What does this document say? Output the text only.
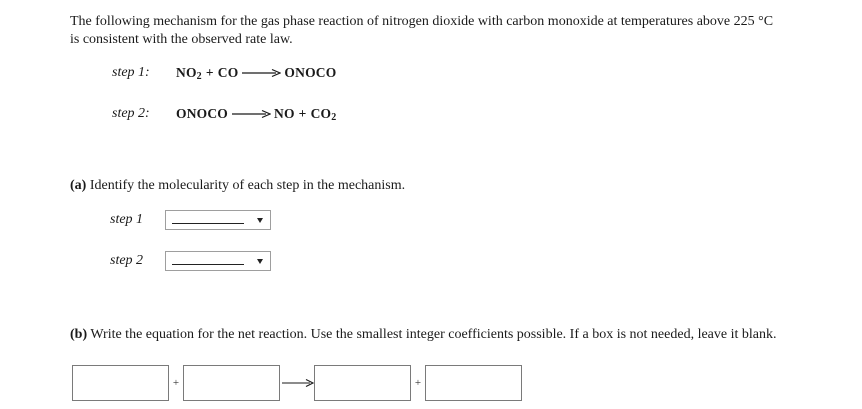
The following mechanism for the gas phase reaction of nitrogen dioxide with carbon monoxide at temperatures above 225 °C
is consistent with the observed rate law.
step 1: $NO_2$ + CO → ONOCO
step 2: ONOCO → NO + $CO_2$
(a) Identify the molecularity of each step in the mechanism.
step 1
step 2
(b) Write the equation for the net reaction. Use the smallest integer coefficients possible. If a box is not needed, leave it blank.
+	+
